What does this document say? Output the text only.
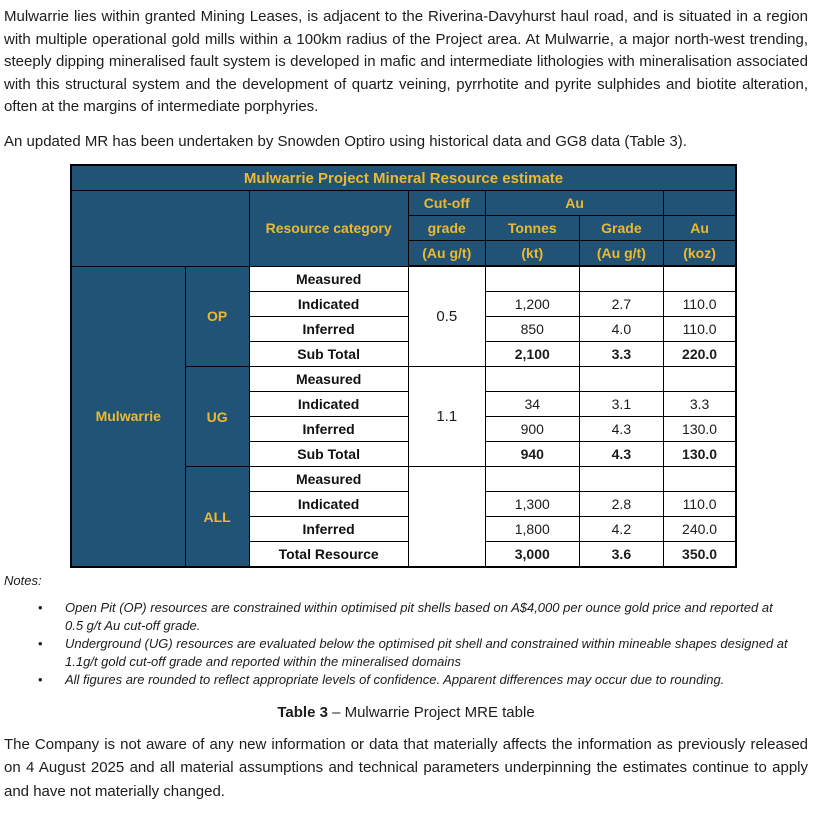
Mulwarrie lies within granted Mining Leases, is adjacent to the Riverina-Davyhurst haul road, and is situated in a region with multiple operational gold mills within a 100km radius of the Project area. At Mulwarrie, a major north-west trending, steeply dipping mineralised fault system is developed in mafic and intermediate lithologies with mineralisation associated with this structural system and the development of quartz veining, pyrrhotite and pyrite sulphides and biotite alteration, often at the margins of intermediate porphyries.

An updated MR has been undertaken by Snowden Optiro using historical data and GG8 data (Table 3).

Mulwarrie Project Mineral Resource estimate						
		Resource category	Cut-off	Au		
			grade	Tonnes	Grade	Au
			(Au g/t)	(kt)	(Au g/t)	(koz)
Mulwarrie	OP	Measured	0.5			
		Indicated		1,200	2.7	110.0
		Inferred		850	4.0	110.0
		Sub Total		2,100	3.3	220.0
	UG	Measured	1.1			
		Indicated		34	3.1	3.3
		Inferred		900	4.3	130.0
		Sub Total		940	4.3	130.0
	ALL	Measured				
		Indicated		1,300	2.8	110.0
		Inferred		1,800	4.2	240.0
		Total Resource		3,000	3.6	350.0

Notes:

• Open Pit (OP) resources are constrained within optimised pit shells based on A$4,000 per ounce gold price and reported at 0.5 g/t Au cut-off grade.
• Underground (UG) resources are evaluated below the optimised pit shell and constrained within mineable shapes designed at 1.1g/t gold cut-off grade and reported within the mineralised domains
• All figures are rounded to reflect appropriate levels of confidence. Apparent differences may occur due to rounding.

Table 3 – Mulwarrie Project MRE table

The Company is not aware of any new information or data that materially affects the information as previously released on 4 August 2025 and all material assumptions and technical parameters underpinning the estimates continue to apply and have not materially changed.
